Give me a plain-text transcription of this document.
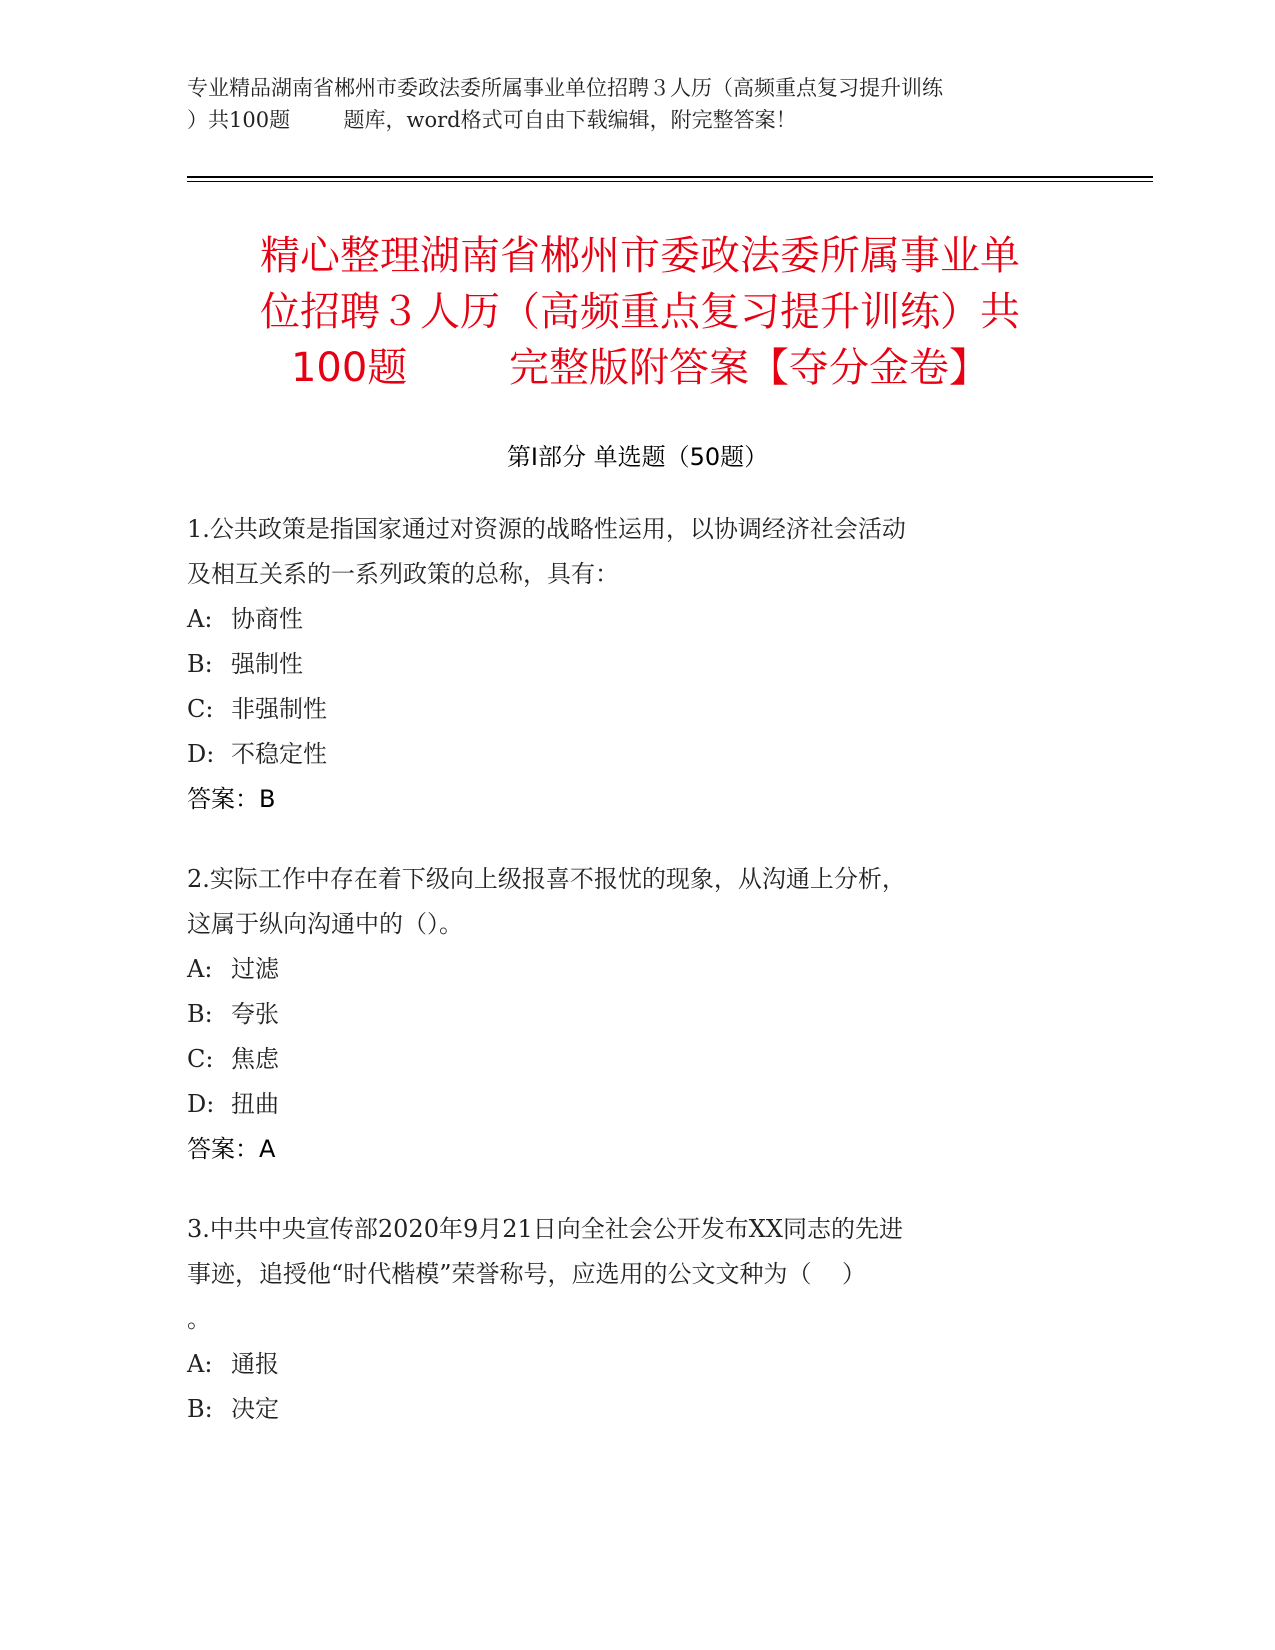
专业精品湖南省郴州市委政法委所属事业单位招聘３人历（高频重点复习提升训练
）共100题        题库，word格式可自由下载编辑，附完整答案！
精心整理湖南省郴州市委政法委所属事业单
位招聘３人历（高频重点复习提升训练）共
100题        完整版附答案【夺分金卷】
第Ⅰ部分 单选题（50题）
1.公共政策是指国家通过对资源的战略性运用，以协调经济社会活动
及相互关系的一系列政策的总称，具有：

A: 协商性

B: 强制性

C: 非强制性

D: 不稳定性

答案：B

2.实际工作中存在着下级向上级报喜不报忧的现象，从沟通上分析，
这属于纵向沟通中的（）。

A: 过滤

B: 夸张

C: 焦虑

D: 扭曲

答案：A

3.中共中央宣传部2020年9月21日向全社会公开发布XX同志的先进
事迹，追授他“时代楷模”荣誉称号，应选用的公文文种为（    ）
。

A: 通报

B: 决定
